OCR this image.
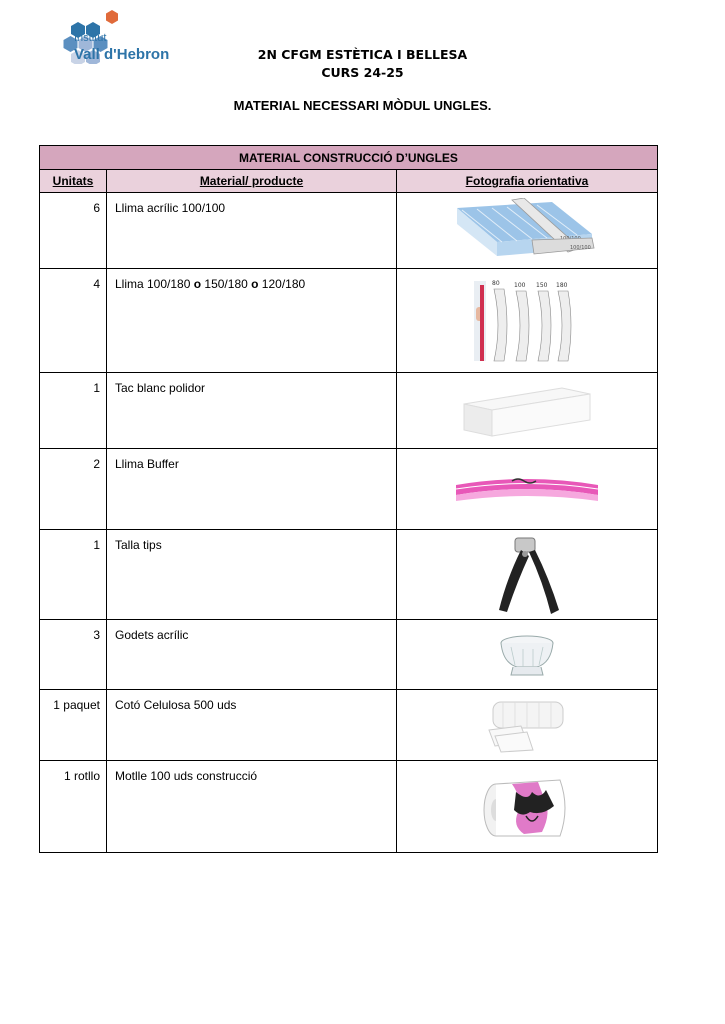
Institut
Vall d'Hebron	2N CFGM ESTÈTICA I BELLESA
CURS 24-25
MATERIAL NECESSARI MÒDUL UNGLES.
MATERIAL CONSTRUCCIÓ D’UNGLES		
Unitats	Material/ producte	Fotografia orientativa
6	Llima acrílic 100/100	100/100

4	Llima 100/180 o 150/180 o 120/180	80 100 150 180

1	Tac blanc polidor	

2	Llima Buffer	

1	Talla tips	

3	Godets acrílic	

1 paquet	Cotó Celulosa 500 uds	

1 rotllo	Motlle 100 uds construcció	
